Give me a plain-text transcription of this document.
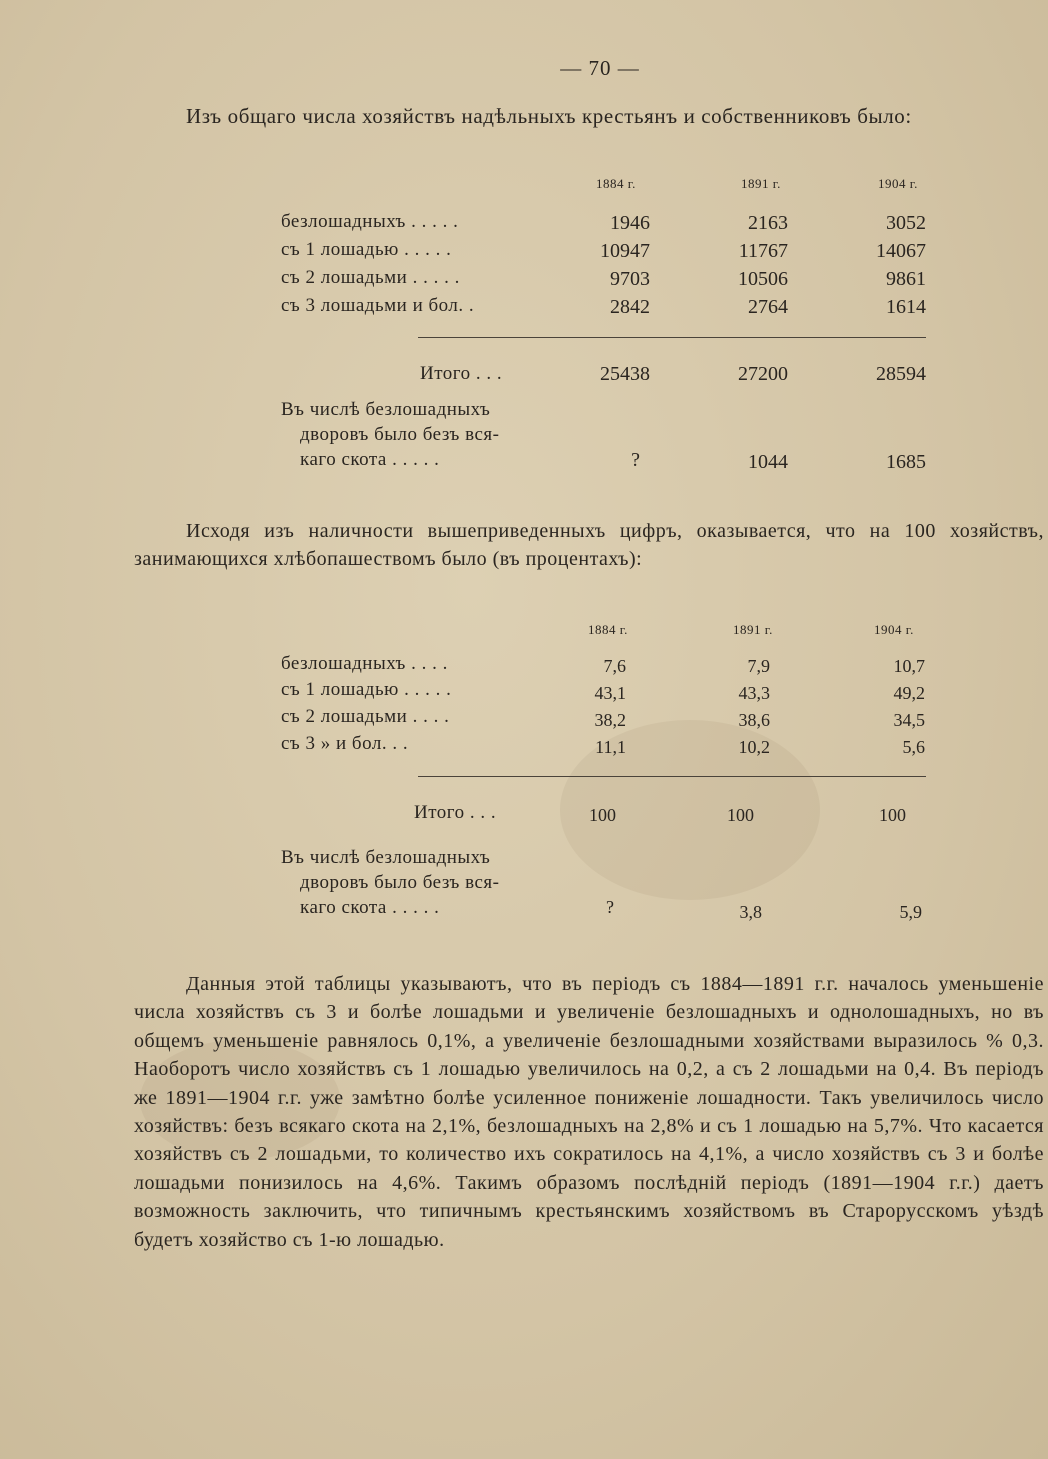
— 70 —
Изъ общаго числа хозяйствъ надѣльныхъ крестьянъ и собственниковъ было:
1884 г.	1891 г.	1904 г.
безлошадныхъ . . . . .	1946	2163	3052
съ 1 лошадью . . . . .	10947	11767	14067
съ 2 лошадьми . . . . .	9703	10506	9861
съ 3 лошадьми и бол. .	2842	2764	1614
Итого . . .	25438	27200	28594
Въ числѣ безлошадныхъ
дворовъ было безъ вся-
каго скота . . . . .	?	1044	1685

Исходя изъ наличности вышеприведенныхъ цифръ, оказывается, что на 100 хозяйствъ, занимающихся хлѣбопашествомъ было (въ процентахъ):

1884 г.	1891 г.	1904 г.
безлошадныхъ . . . .	7,6	7,9	10,7
съ 1 лошадью . . . . .	43,1	43,3	49,2
съ 2 лошадьми . . . .	38,2	38,6	34,5
съ 3 » и бол. . .	11,1	10,2	5,6
Итого . . .	100	100	100
Въ числѣ безлошадныхъ
дворовъ было безъ вся-
каго скота . . . . .	?	3,8	5,9

Данныя этой таблицы указываютъ, что въ періодъ съ 1884—1891 г.г. началось уменьшеніе числа хозяйствъ съ 3 и болѣе лошадьми и увеличеніе безлошадныхъ и однолошадныхъ, но въ общемъ уменьшеніе равнялось 0,1%, а увеличеніе безлошадными хозяйствами выразилось % 0,3. Наоборотъ число хозяйствъ съ 1 лошадью увеличилось на 0,2, а съ 2 лошадьми на 0,4. Въ періодъ же 1891—1904 г.г. уже замѣтно болѣе усиленное пониженіе лошадности. Такъ увеличилось число хозяйствъ: безъ всякаго скота на 2,1%, безлошадныхъ на 2,8% и съ 1 лошадью на 5,7%. Что касается хозяйствъ съ 2 лошадьми, то количество ихъ сократилось на 4,1%, а число хозяйствъ съ 3 и болѣе лошадьми понизилось на 4,6%. Такимъ образомъ послѣдній періодъ (1891—1904 г.г.) даетъ возможность заключить, что типичнымъ крестьянскимъ хозяйствомъ въ Старорусскомъ уѣздѣ будетъ хозяйство съ 1-ю лошадью.
